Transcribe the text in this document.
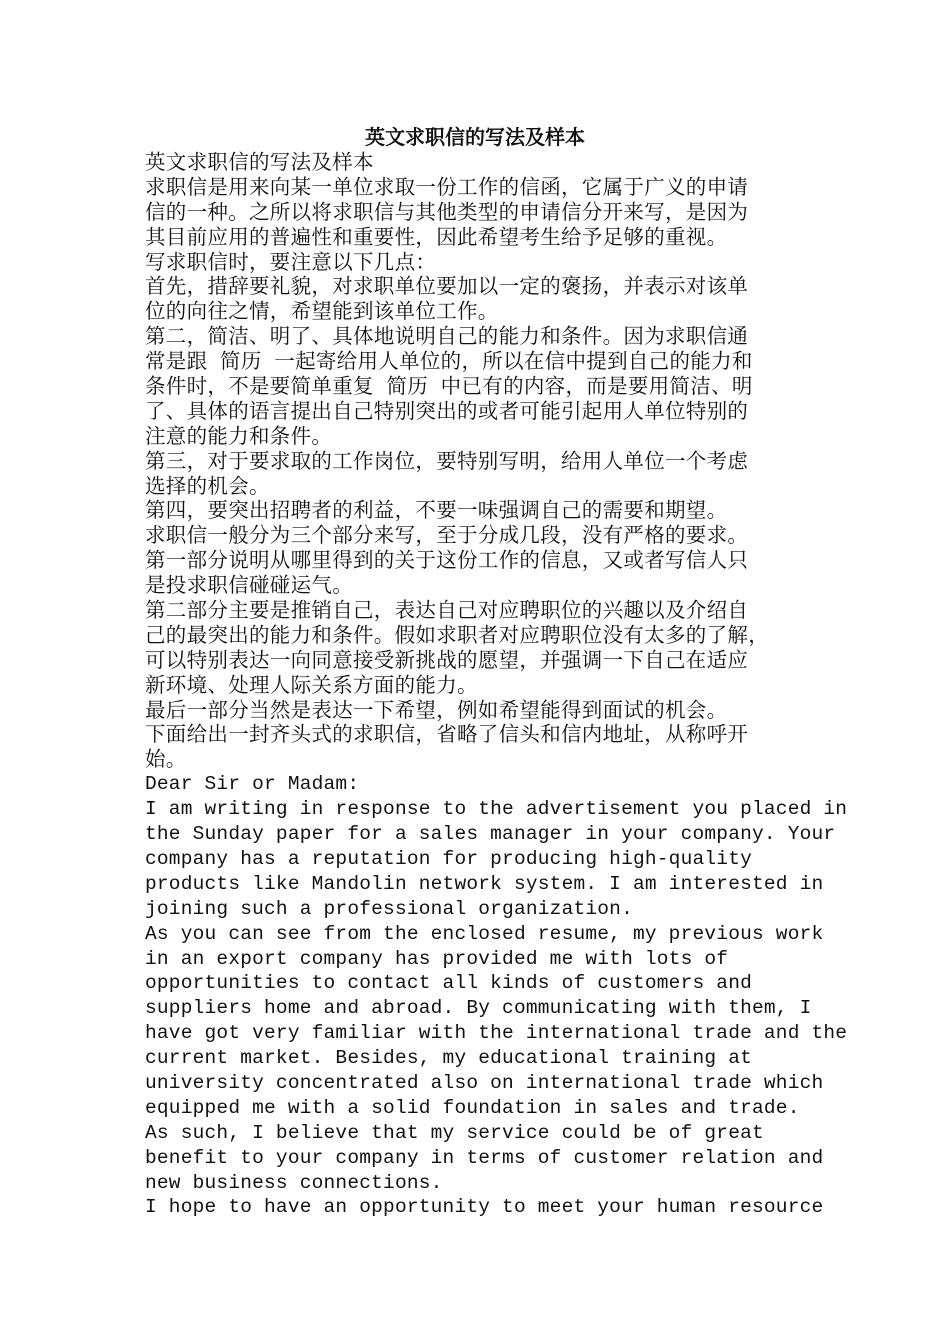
英文求职信的写法及样本
英文求职信的写法及样本
求职信是用来向某一单位求取一份工作的信函，它属于广义的申请
信的一种。之所以将求职信与其他类型的申请信分开来写，是因为
其目前应用的普遍性和重要性，因此希望考生给予足够的重视。
写求职信时，要注意以下几点：
首先，措辞要礼貌，对求职单位要加以一定的褒扬，并表示对该单
位的向往之情，希望能到该单位工作。
第二，简洁、明了、具体地说明自己的能力和条件。因为求职信通
常是跟 简历 一起寄给用人单位的，所以在信中提到自己的能力和
条件时，不是要简单重复 简历 中已有的内容，而是要用简洁、明
了、具体的语言提出自己特别突出的或者可能引起用人单位特别的
注意的能力和条件。
第三，对于要求取的工作岗位，要特别写明，给用人单位一个考虑
选择的机会。
第四，要突出招聘者的利益，不要一味强调自己的需要和期望。
求职信一般分为三个部分来写，至于分成几段，没有严格的要求。
第一部分说明从哪里得到的关于这份工作的信息，又或者写信人只
是投求职信碰碰运气。
第二部分主要是推销自己，表达自己对应聘职位的兴趣以及介绍自
己的最突出的能力和条件。假如求职者对应聘职位没有太多的了解，
可以特别表达一向同意接受新挑战的愿望，并强调一下自己在适应
新环境、处理人际关系方面的能力。
最后一部分当然是表达一下希望，例如希望能得到面试的机会。
下面给出一封齐头式的求职信，省略了信头和信内地址，从称呼开
始。
Dear Sir or Madam:
I am writing in response to the advertisement you placed in
the Sunday paper for a sales manager in your company. Your
company has a reputation for producing high-quality
products like Mandolin network system. I am interested in
joining such a professional organization.
As you can see from the enclosed resume, my previous work
in an export company has provided me with lots of
opportunities to contact all kinds of customers and
suppliers home and abroad. By communicating with them, I
have got very familiar with the international trade and the
current market. Besides, my educational training at
university concentrated also on international trade which
equipped me with a solid foundation in sales and trade.
As such, I believe that my service could be of great
benefit to your company in terms of customer relation and
new business connections.
I hope to have an opportunity to meet your human resource
